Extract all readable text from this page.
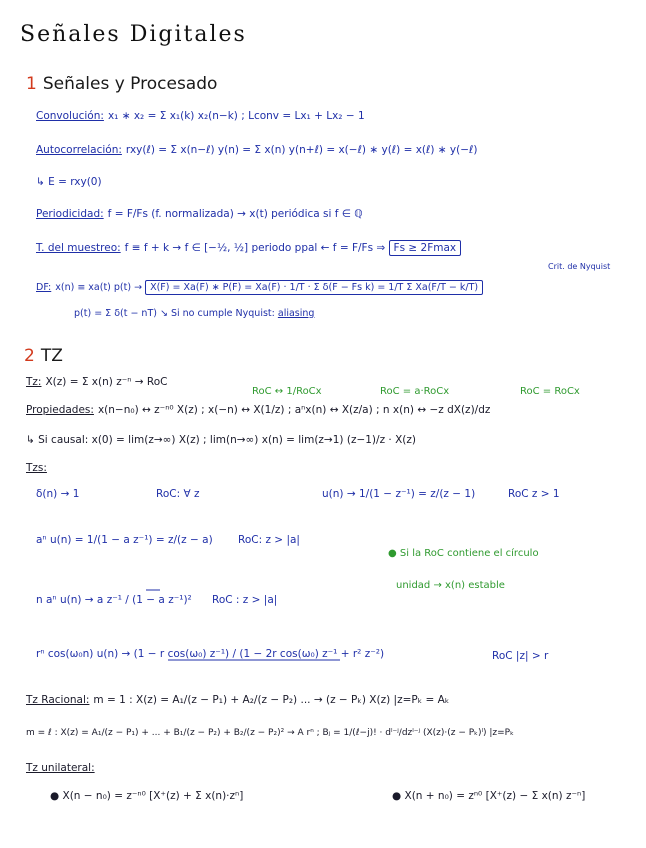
Señales Digitales
1 Señales y Procesado
Convolución: x₁ ∗ x₂ = Σ x₁(k) x₂(n−k) ; Lconv = Lx₁ + Lx₂ − 1
Autocorrelación: rxy(ℓ) = Σ x(n−ℓ) y(n) = Σ x(n) y(n+ℓ) = x(−ℓ) ∗ y(ℓ) = x(ℓ) ∗ y(−ℓ)
↳ E = rxy(0)
Periodicidad: f = F/Fs (f. normalizada) → x(t) periódica si f ∈ ℚ
T. del muestreo: f ≡ f + k → f ∈ [−½, ½] periodo ppal ← f = F/Fs ⇒ Fs ≥ 2Fmax
Crit. de Nyquist
DF: x(n) ≡ xa(t) p(t) → X(F) = Xa(F) ∗ P(F) = Xa(F) · 1/T · Σ δ(F − Fs k) = 1/T Σ Xa(F/T − k/T)
p(t) = Σ δ(t − nT) ↘ Si no cumple Nyquist: aliasing
2 TZ
Tz: X(z) = Σ x(n) z⁻ⁿ → RoC
RoC ↔ 1/RoCx	RoC = a·RoCx	RoC = RoCx
Propiedades: x(n−n₀) ↔ z⁻ⁿ⁰ X(z) ; x(−n) ↔ X(1/z) ; aⁿx(n) ↔ X(z/a) ; n x(n) ↔ −z dX(z)/dz
↳ Si causal: x(0) = lim(z→∞) X(z) ; lim(n→∞) x(n) = lim(z→1) (z−1)/z · X(z)
Tzs:
δ(n) → 1	RoC: ∀ z	u(n) → 1/(1 − z⁻¹) = z/(z − 1)	RoC z > 1
aⁿ u(n) = 1/(1 − a z⁻¹) = z/(z − a) RoC: z > |a|
● Si la RoC contiene el círculo
unidad → x(n) estable
n aⁿ u(n) → a z⁻¹ / (1 − a z⁻¹)² RoC : z > |a|
rⁿ cos(ω₀n) u(n) → (1 − r cos(ω₀) z⁻¹) / (1 − 2r cos(ω₀) z⁻¹ + r² z⁻²)	RoC |z| > r
Tz Racional: m = 1 : X(z) = A₁/(z − P₁) + A₂/(z − P₂) ... → (z − Pₖ) X(z) |z=Pₖ = Aₖ
m = ℓ : X(z) = A₁/(z − P₁) + ... + B₁/(z − P₂) + B₂/(z − P₂)² → A rⁿ ; Bⱼ = 1/(ℓ−j)! · dˡ⁻ʲ/dzˡ⁻ʲ (X(z)·(z − Pₖ)ˡ) |z=Pₖ
Tz unilateral:
● X(n − n₀) = z⁻ⁿ⁰ [X⁺(z) + Σ x(n)·zⁿ]	● X(n + n₀) = zⁿ⁰ [X⁺(z) − Σ x(n) z⁻ⁿ]
